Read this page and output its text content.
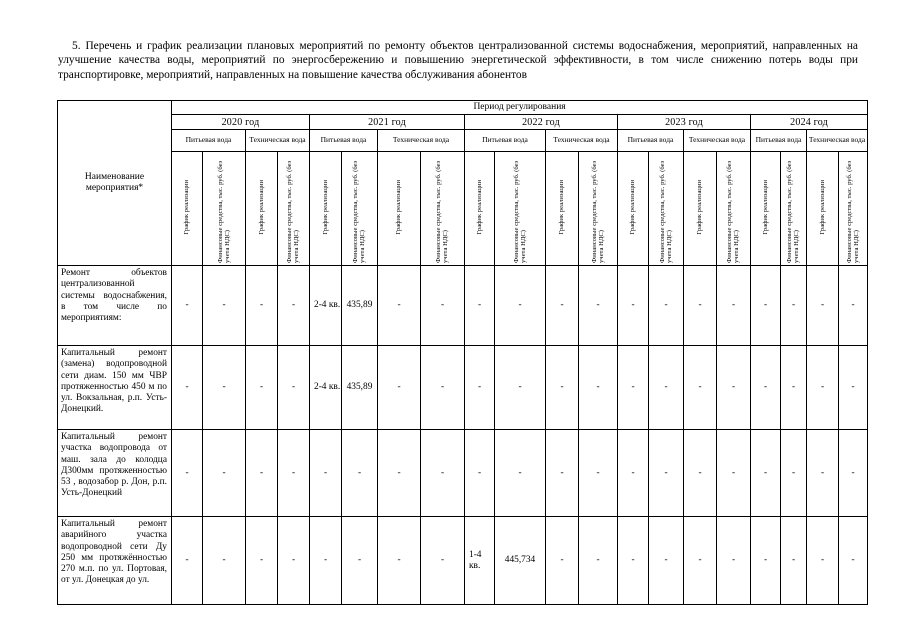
5. Перечень и график реализации плановых мероприятий по ремонту объектов централизованной системы водоснабжения, мероприятий, направленных на улучшение качества воды, мероприятий по энергосбережению и повышению энергетической эффективности, в том числе снижению потерь воды при транспортировке, мероприятий, направленных на повышение качества обслуживания абонентов
Наименование мероприятия*	Период регулирования																			
	2020 год				2021 год				2022 год				2023 год				2024 год			
	Питьевая вода		Техническая вода		Питьевая вода		Техническая вода		Питьевая вода		Техническая вода		Питьевая вода		Техническая вода		Питьевая вода		Техническая вода	
	График реализации	Финансовые средства, тыс. руб. (без учета НДС)	График реализации	Финансовые средства, тыс. руб. (без учета НДС)	График реализации	Финансовые средства, тыс. руб. (без учета НДС)	График реализации	Финансовые средства, тыс. руб. (без учета НДС)	График реализации	Финансовые средства, тыс. руб. (без учета НДС)	График реализации	Финансовые средства, тыс. руб. (без учета НДС)	График реализации	Финансовые средства, тыс. руб. (без учета НДС)	График реализации	Финансовые средства, тыс. руб. (без учета НДС)	График реализации	Финансовые средства, тыс. руб. (без учета НДС)	График реализации	Финансовые средства, тыс. руб. (без учета НДС)
Ремонт объектов централизованной системы водоснабжения, в том числе по мероприятиям:	-	-	-	-	2-4 кв.	435,89	-	-	-	-	-	-	-	-	-	-	-	-	-	-
Капитальный ремонт (замена) водопроводной сети диам. 150 мм ЧВР протяженностью 450 м по ул. Вокзальная, р.п. Усть-Донецкий.	-	-	-	-	2-4 кв.	435,89	-	-	-	-	-	-	-	-	-	-	-	-	-	-
Капитальный ремонт участка водопровода от маш. зала до колодца Д300мм протяженностью 53 , водозабор р. Дон, р.п. Усть-Донецкий	-	-	-	-	-	-	-	-	-	-	-	-	-	-	-	-	-	-	-	-
Капитальный ремонт аварийного участка водопроводной сети Ду 250 мм протяжённостью 270 м.п. по ул. Портовая, от ул. Донецкая до ул.	-	-	-	-	-	-	-	-	1-4 кв.	445,734	-	-	-	-	-	-	-	-	-	-
